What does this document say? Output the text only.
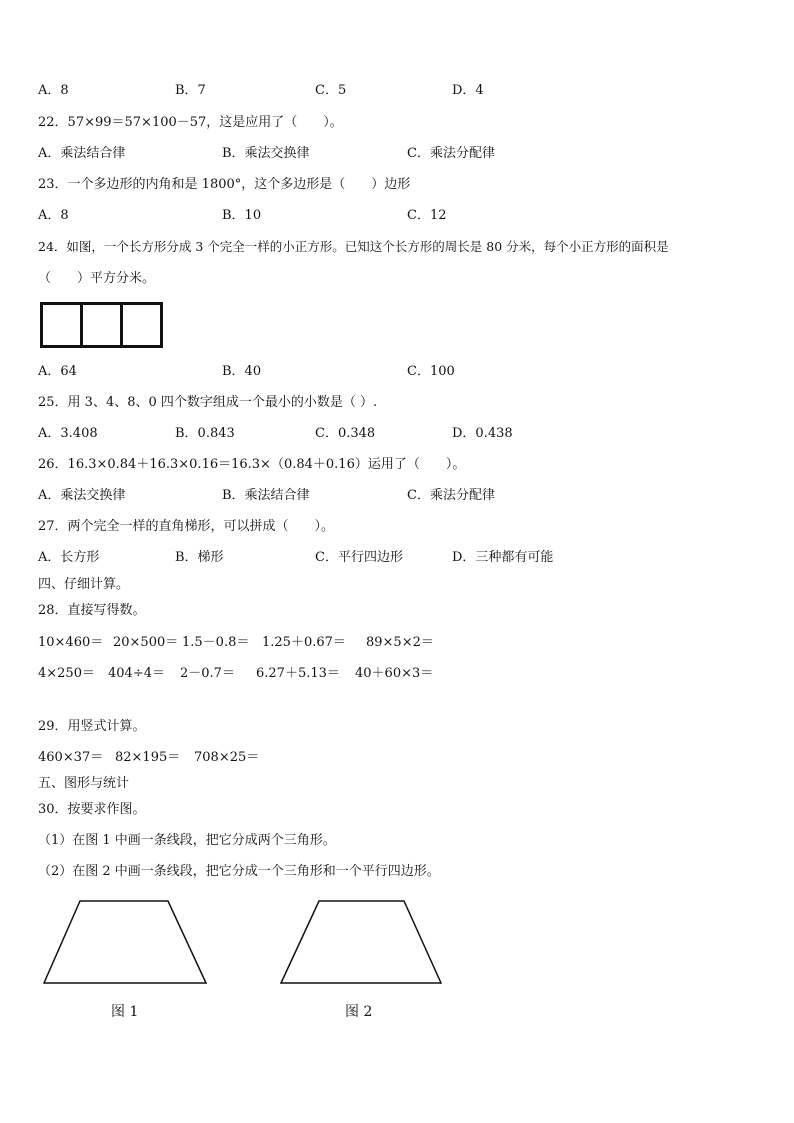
A．8	B．7	C．5	D．4
22．57×99＝57×100－57，这是应用了（　　）。
A．乘法结合律	B．乘法交换律	C．乘法分配律
23．一个多边形的内角和是 1800°，这个多边形是（　　）边形
A．8	B．10	C．12
24．如图，一个长方形分成 3 个完全一样的小正方形。已知这个长方形的周长是 80 分米，每个小正方形的面积是
（　　）平方分米。
A．64	B．40	C．100
25．用 3、4、8、0 四个数字组成一个最小的小数是（ ）.
A．3.408	B．0.843	C．0.348	D．0.438
26．16.3×0.84＋16.3×0.16＝16.3×（0.84＋0.16）运用了（　　）。
A．乘法交换律	B．乘法结合律	C．乘法分配律
27．两个完全一样的直角梯形，可以拼成（　　）。
A．长方形	B．梯形	C．平行四边形	D．三种都有可能
四、仔细计算。
28．直接写得数。
10×460＝ 20×500＝ 1.5－0.8＝ 1.25＋0.67＝ 89×5×2＝
4×250＝ 404÷4＝ 2－0.7＝ 6.27＋5.13＝ 40＋60×3＝
29．用竖式计算。
460×37＝ 82×195＝ 708×25＝
五、图形与统计
30．按要求作图。
（1）在图 1 中画一条线段，把它分成两个三角形。
（2）在图 2 中画一条线段，把它分成一个三角形和一个平行四边形。
图 1	图 2
